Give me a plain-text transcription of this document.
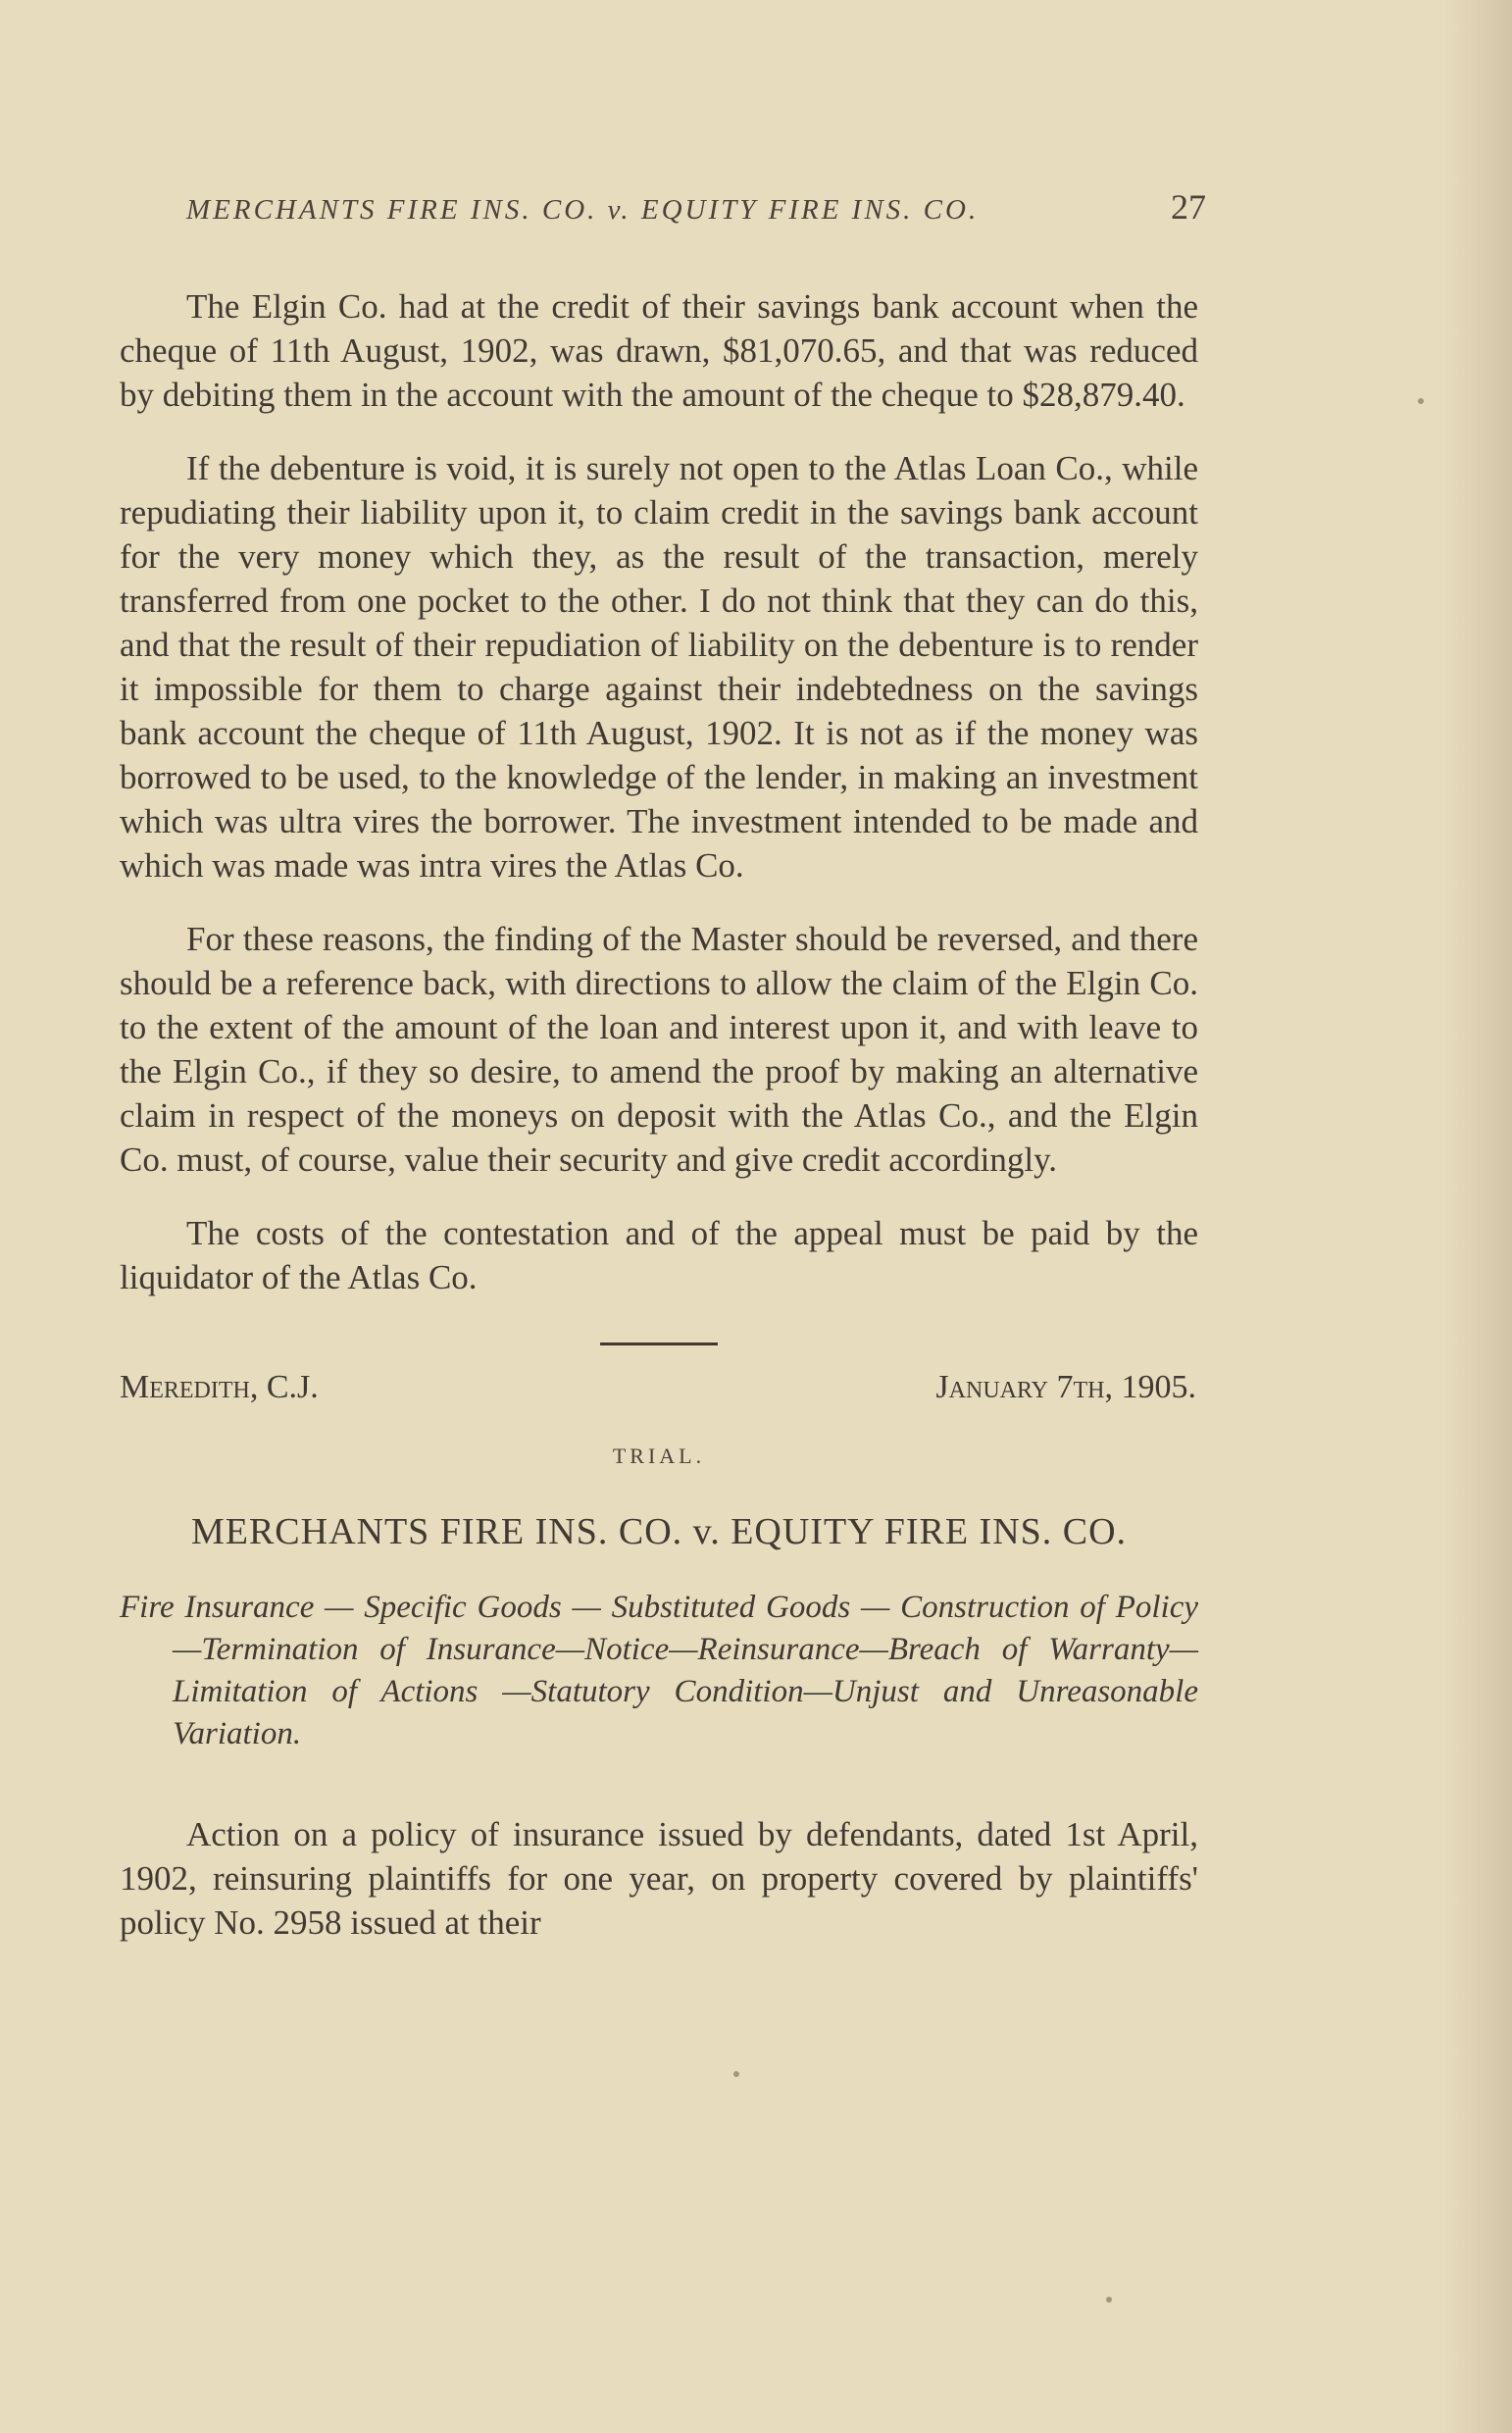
MERCHANTS FIRE INS. CO. v. EQUITY FIRE INS. CO.	27

The Elgin Co. had at the credit of their savings bank account when the cheque of 11th August, 1902, was drawn, $81,070.65, and that was reduced by debiting them in the account with the amount of the cheque to $28,879.40.

If the debenture is void, it is surely not open to the Atlas Loan Co., while repudiating their liability upon it, to claim credit in the savings bank account for the very money which they, as the result of the transaction, merely transferred from one pocket to the other. I do not think that they can do this, and that the result of their repudiation of liability on the debenture is to render it impossible for them to charge against their indebtedness on the savings bank account the cheque of 11th August, 1902. It is not as if the money was borrowed to be used, to the knowledge of the lender, in making an investment which was ultra vires the borrower. The investment intended to be made and which was made was intra vires the Atlas Co.

For these reasons, the finding of the Master should be reversed, and there should be a reference back, with directions to allow the claim of the Elgin Co. to the extent of the amount of the loan and interest upon it, and with leave to the Elgin Co., if they so desire, to amend the proof by making an alternative claim in respect of the moneys on deposit with the Atlas Co., and the Elgin Co. must, of course, value their security and give credit accordingly.

The costs of the contestation and of the appeal must be paid by the liquidator of the Atlas Co.

Meredith, C.J.	January 7th, 1905.
TRIAL.
MERCHANTS FIRE INS. CO. v. EQUITY FIRE INS. CO.
Fire Insurance — Specific Goods — Substituted Goods — Construction of Policy—Termination of Insurance—Notice—Reinsurance—Breach of Warranty—Limitation of Actions —Statutory Condition—Unjust and Unreasonable Variation.

Action on a policy of insurance issued by defendants, dated 1st April, 1902, reinsuring plaintiffs for one year, on property covered by plaintiffs' policy No. 2958 issued at their
